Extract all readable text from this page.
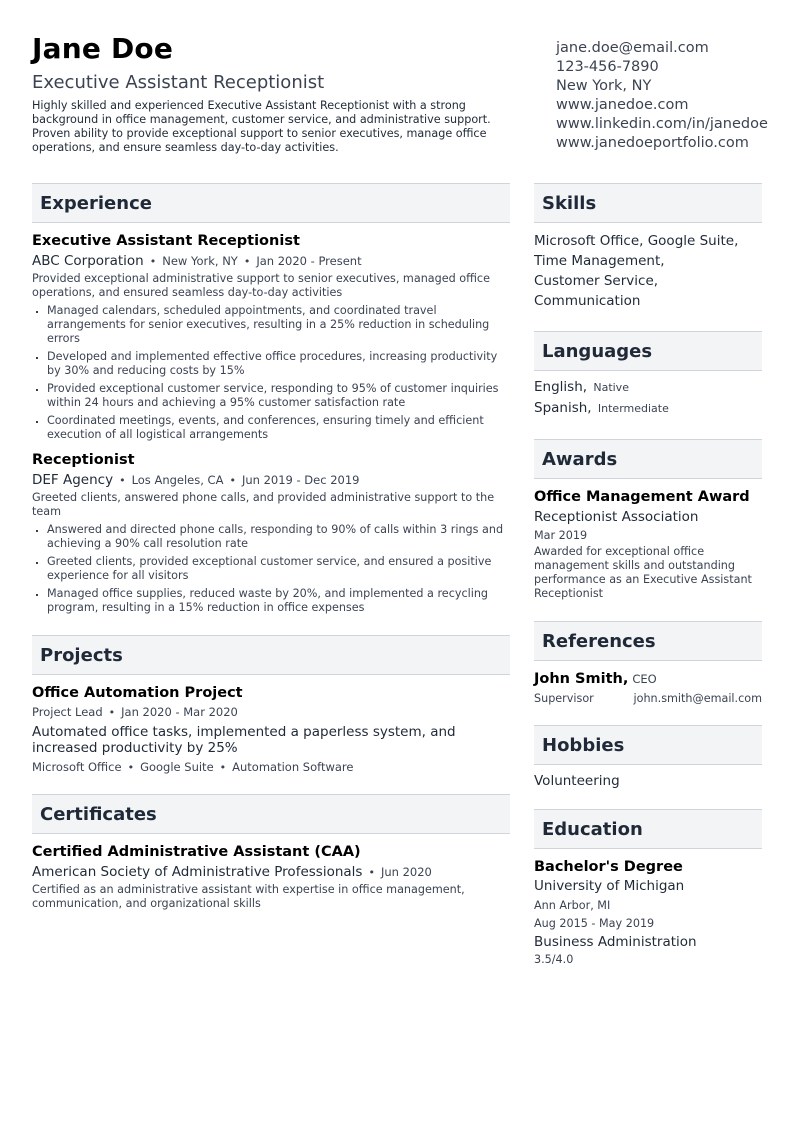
Jane Doe
Executive Assistant Receptionist
Highly skilled and experienced Executive Assistant Receptionist with a strong background in office management, customer service, and administrative support. Proven ability to provide exceptional support to senior executives, manage office operations, and ensure seamless day-to-day activities.
jane.doe@email.com
123-456-7890
New York, NY
www.janedoe.com
www.linkedin.com/in/janedoe
www.janedoeportfolio.com
Experience
Executive Assistant Receptionist
ABC Corporation • New York, NY • Jan 2020 - Present
Provided exceptional administrative support to senior executives, managed office operations, and ensured seamless day-to-day activities
• Managed calendars, scheduled appointments, and coordinated travel arrangements for senior executives, resulting in a 25% reduction in scheduling errors
• Developed and implemented effective office procedures, increasing productivity by 30% and reducing costs by 15%
• Provided exceptional customer service, responding to 95% of customer inquiries within 24 hours and achieving a 95% customer satisfaction rate
• Coordinated meetings, events, and conferences, ensuring timely and efficient execution of all logistical arrangements
Receptionist
DEF Agency • Los Angeles, CA • Jun 2019 - Dec 2019
Greeted clients, answered phone calls, and provided administrative support to the team
• Answered and directed phone calls, responding to 90% of calls within 3 rings and achieving a 90% call resolution rate
• Greeted clients, provided exceptional customer service, and ensured a positive experience for all visitors
• Managed office supplies, reduced waste by 20%, and implemented a recycling program, resulting in a 15% reduction in office expenses
Projects
Office Automation Project
Project Lead • Jan 2020 - Mar 2020
Automated office tasks, implemented a paperless system, and increased productivity by 25%
Microsoft Office • Google Suite • Automation Software
Certificates
Certified Administrative Assistant (CAA)
American Society of Administrative Professionals • Jun 2020
Certified as an administrative assistant with expertise in office management, communication, and organizational skills
Skills
Microsoft Office, Google Suite,
Time Management,
Customer Service,
Communication
Languages
English, Native
Spanish, Intermediate
Awards
Office Management Award
Receptionist Association
Mar 2019
Awarded for exceptional office management skills and outstanding performance as an Executive Assistant Receptionist
References
John Smith, CEO
Supervisor	john.smith@email.com
Hobbies
Volunteering
Education
Bachelor's Degree
University of Michigan
Ann Arbor, MI
Aug 2015 - May 2019
Business Administration
3.5/4.0
